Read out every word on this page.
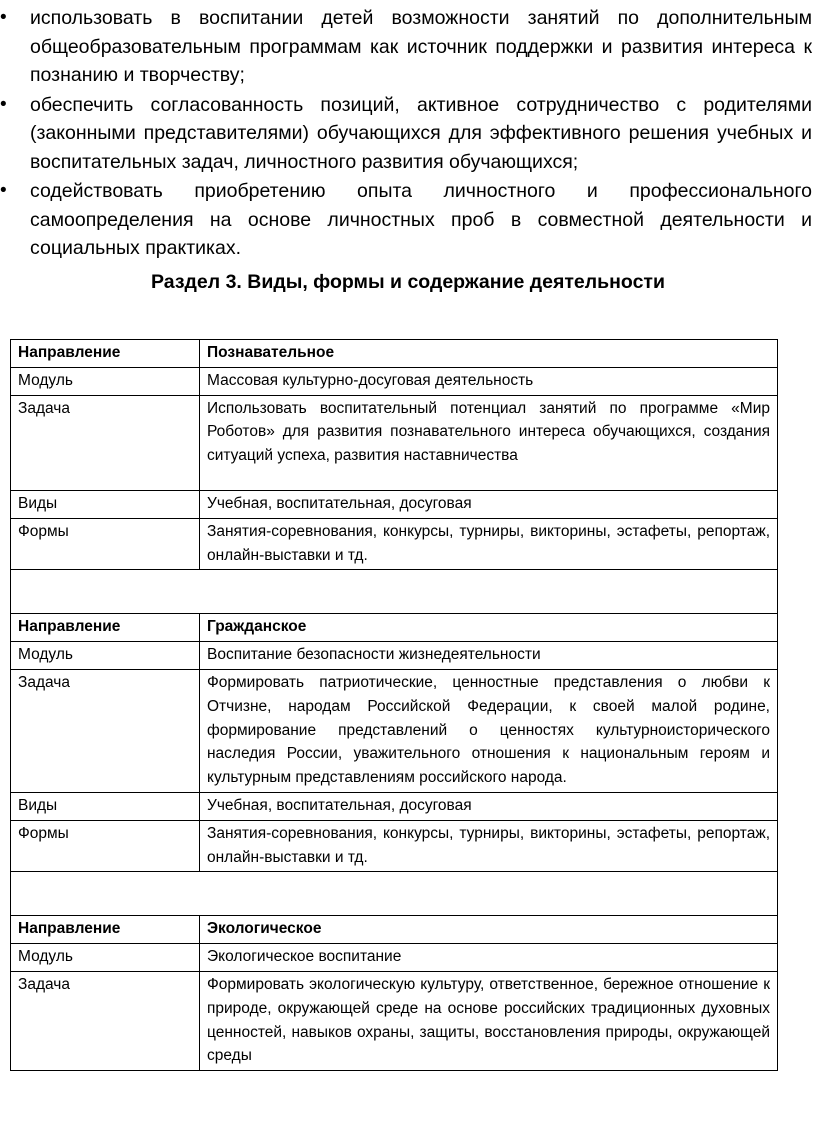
• использовать в воспитании детей возможности занятий по дополнительным общеобразовательным программам как источник поддержки и развития интереса к познанию и творчеству;
• обеспечить согласованность позиций, активное сотрудничество с родителями (законными представителями) обучающихся для эффективного решения учебных и воспитательных задач, личностного развития обучающихся;
• содействовать приобретению опыта личностного и профессионального самоопределения на основе личностных проб в совместной деятельности и социальных практиках.
Раздел 3. Виды, формы и содержание деятельности
Направление	Познавательное
Модуль	Массовая культурно-досуговая деятельность
Задача	Использовать воспитательный потенциал занятий по программе «Мир Роботов» для развития познавательного интереса обучающихся, создания ситуаций успеха, развития наставничества
Виды	Учебная, воспитательная, досуговая
Формы	Занятия-соревнования, конкурсы, турниры, викторины, эстафеты, репортаж, онлайн-выставки и тд.

Направление	Гражданское
Модуль	Воспитание безопасности жизнедеятельности
Задача	Формировать патриотические, ценностные представления о любви к Отчизне, народам Российской Федерации, к своей малой родине, формирование представлений о ценностях культурноисторического наследия России, уважительного отношения к национальным героям и культурным представлениям российского народа.
Виды	Учебная, воспитательная, досуговая
Формы	Занятия-соревнования, конкурсы, турниры, викторины, эстафеты, репортаж, онлайн-выставки и тд.

Направление	Экологическое
Модуль	Экологическое воспитание
Задача	Формировать экологическую культуру, ответственное, бережное отношение к природе, окружающей среде на основе российских традиционных духовных ценностей, навыков охраны, защиты, восстановления природы, окружающей среды
